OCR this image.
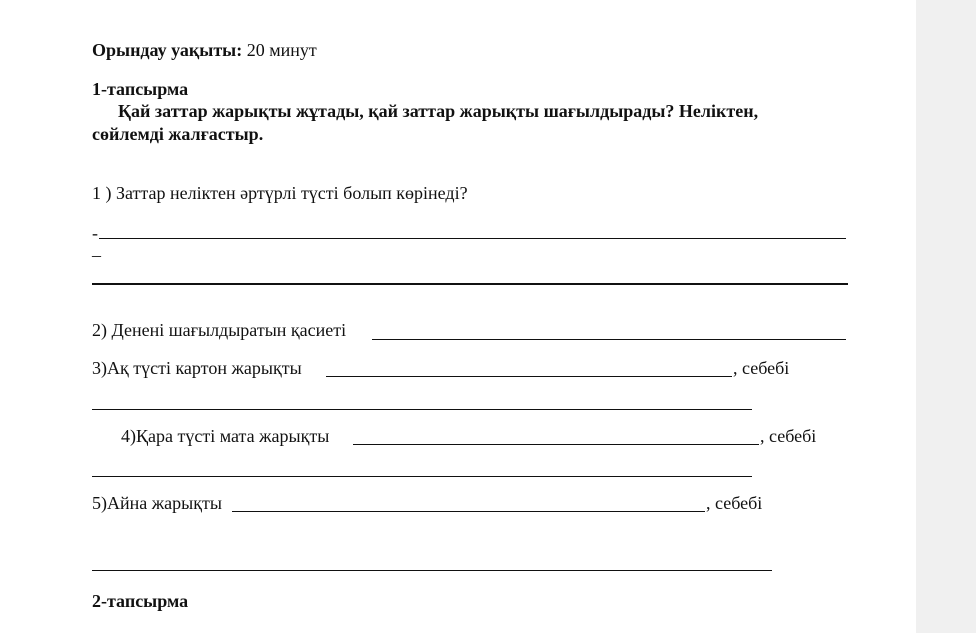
Орындау уақыты: 20 минут
1-тапсырма
Қай заттар жарықты жұтады, қай заттар жарықты шағылдырады? Неліктен,
сөйлемді жалғастыр.
1 ) Заттар неліктен әртүрлі түсті болып көрінеді?
-
–
2) Денені шағылдыратын қасиеті
3)Ақ түсті картон жарықты	, себебі
4)Қара түсті мата жарықты	, себебі
5)Айна жарықты	, себебі
2-тапсырма
